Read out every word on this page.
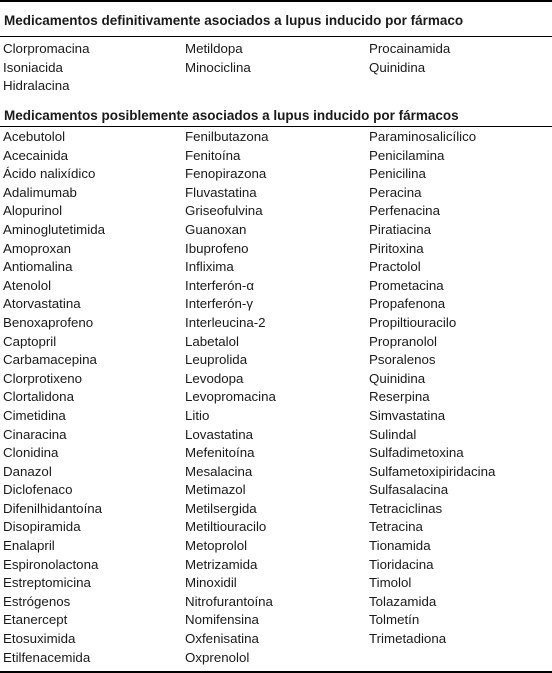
Medicamentos definitivamente asociados a lupus inducido por fármaco
Clorpromacina
Isoniacida
Hidralacina
Metildopa
Minociclina
Procainamida
Quinidina
Medicamentos posiblemente asociados a lupus inducido por fármacos
Acebutolol
Acecainida
Ácido nalixídico
Adalimumab
Alopurinol
Aminoglutetimida
Amoproxan
Antiomalina
Atenolol
Atorvastatina
Benoxaprofeno
Captopril
Carbamacepina
Clorprotixeno
Clortalidona
Cimetidina
Cinaracina
Clonidina
Danazol
Diclofenaco
Difenilhidantoína
Disopiramida
Enalapril
Espironolactona
Estreptomicina
Estrógenos
Etanercept
Etosuximida
Etilfenacemida
Fenilbutazona
Fenitoína
Fenopirazona
Fluvastatina
Griseofulvina
Guanoxan
Ibuprofeno
Inflixima
Interferón-α
Interferón-γ
Interleucina-2
Labetalol
Leuprolida
Levodopa
Levopromacina
Litio
Lovastatina
Mefenitoína
Mesalacina
Metimazol
Metilsergida
Metiltiouracilo
Metoprolol
Metrizamida
Minoxidil
Nitrofurantoína
Nomifensina
Oxfenisatina
Oxprenolol
Paraminosalicílico
Penicilamina
Penicilina
Peracina
Perfenacina
Piratiacina
Piritoxina
Practolol
Prometacina
Propafenona
Propiltiouracilo
Propranolol
Psoralenos
Quinidina
Reserpina
Simvastatina
Sulindal
Sulfadimetoxina
Sulfametoxipiridacina
Sulfasalacina
Tetraciclinas
Tetracina
Tionamida
Tioridacina
Timolol
Tolazamida
Tolmetín
Trimetadiona
